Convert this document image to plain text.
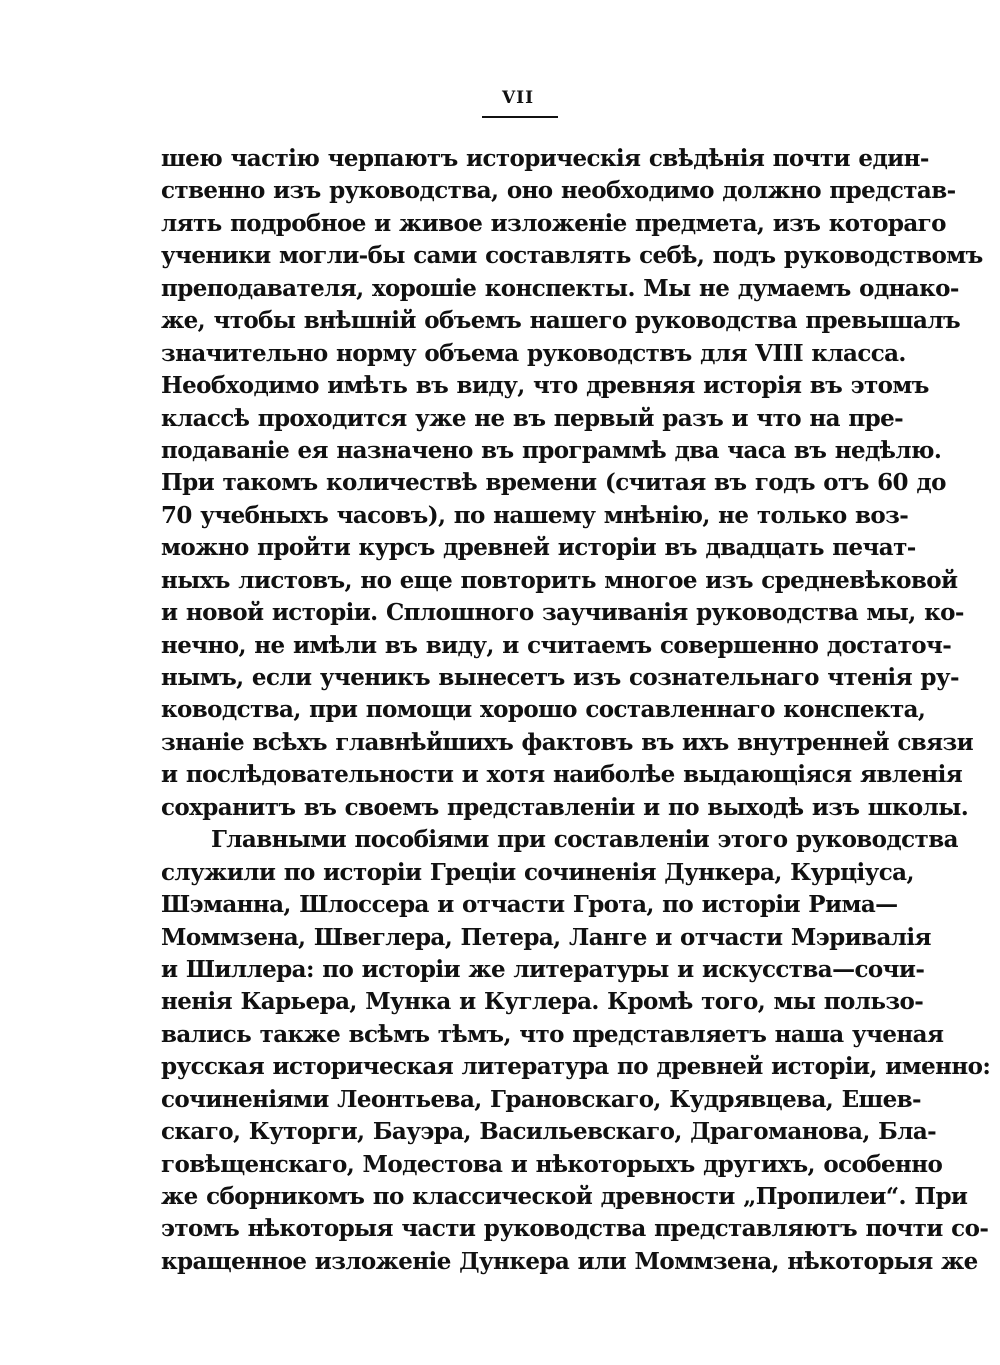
VII
шею частію черпаютъ историческія свѣдѣнія почти един-
ственно изъ руководства, оно необходимо должно представ-
лять подробное и живое изложеніе предмета, изъ котораго
ученики могли-бы сами составлять себѣ, подъ руководствомъ
преподавателя, хорошіе конспекты. Мы не думаемъ однако-
же, чтобы внѣшній объемъ нашего руководства превышалъ
значительно норму объема руководствъ для VIII класса.
Необходимо имѣть въ виду, что древняя исторія въ этомъ
классѣ проходится уже не въ первый разъ и что на пре-
подаваніе ея назначено въ программѣ два часа въ недѣлю.
При такомъ количествѣ времени (считая въ годъ отъ 60 до
70 учебныхъ часовъ), по нашему мнѣнію, не только воз-
можно пройти курсъ древней исторіи въ двадцать печат-
ныхъ листовъ, но еще повторить многое изъ средневѣковой
и новой исторіи. Сплошного заучиванія руководства мы, ко-
нечно, не имѣли въ виду, и считаемъ совершенно достаточ-
нымъ, если ученикъ вынесетъ изъ сознательнаго чтенія ру-
ководства, при помощи хорошо составленнаго конспекта,
знаніе всѣхъ главнѣйшихъ фактовъ въ ихъ внутренней связи
и послѣдовательности и хотя наиболѣе выдающіяся явленія
сохранитъ въ своемъ представленіи и по выходѣ изъ школы.
Главными пособіями при составленіи этого руководства
служили по исторіи Греціи сочиненія Дункера, Курціуса,
Шэманна, Шлоссера и отчасти Грота, по исторіи Рима—
Моммзена, Швеглера, Петера, Ланге и отчасти Мэривалія
и Шиллера: по исторіи же литературы и искусства—сочи-
ненія Карьера, Мунка и Куглера. Кромѣ того, мы пользо-
вались также всѣмъ тѣмъ, что представляетъ наша ученая
русская историческая литература по древней исторіи, именно:
сочиненіями Леонтьева, Грановскаго, Кудрявцева, Ешев-
скаго, Куторги, Бауэра, Васильевскаго, Драгоманова, Бла-
говѣщенскаго, Модестова и нѣкоторыхъ другихъ, особенно
же сборникомъ по классической древности „Пропилеи“. При
этомъ нѣкоторыя части руководства представляютъ почти со-
кращенное изложеніе Дункера или Моммзена, нѣкоторыя же
